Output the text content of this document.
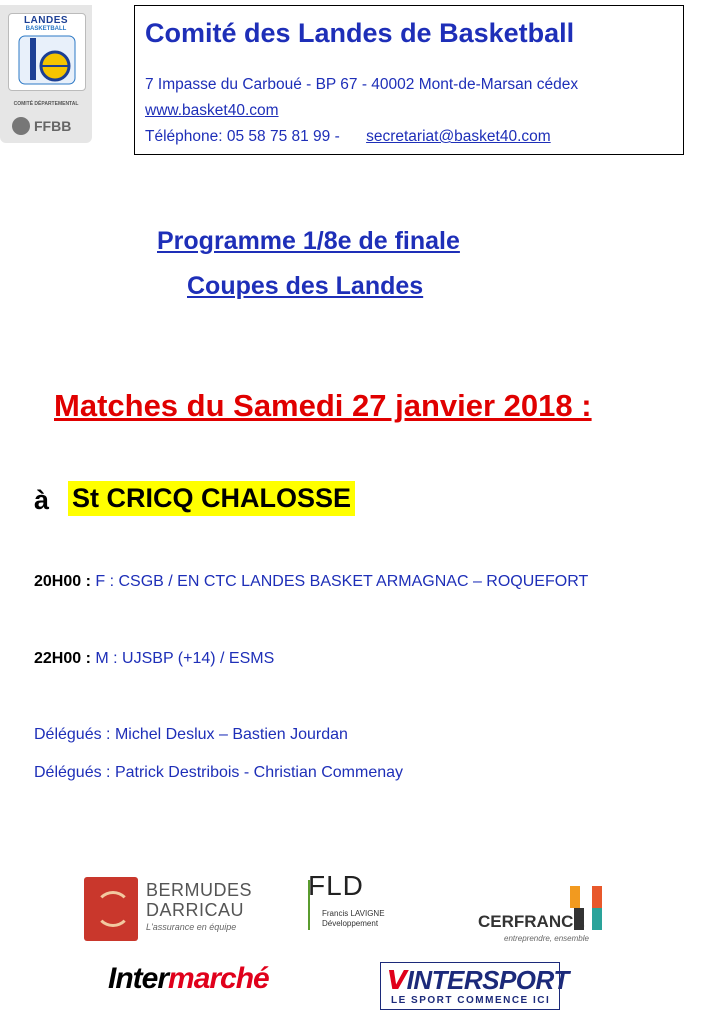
LANDES
BASKETBALL
COMITÉ DÉPARTEMENTAL
FFBB
Comité des Landes de Basketball
7 Impasse du Carboué - BP 67 - 40002 Mont-de-Marsan cédex
www.basket40.com
Téléphone: 05 58 75 81 99 - secretariat@basket40.com
Programme 1/8e de finale
Coupes des Landes
Matches du Samedi 27 janvier 2018 :
à St CRICQ CHALOSSE
20H00 : F : CSGB / EN CTC LANDES BASKET ARMAGNAC – ROQUEFORT
22H00 : M : UJSBP (+14) / ESMS
Délégués : Michel Deslux – Bastien Jourdan
Délégués : Patrick Destribois - Christian Commenay
BERMUDES
DARRICAU
L'assurance en équipe
FLD
Francis LAVIGNE
Développement	CERFRANCE
entreprendre, ensemble
Intermarché	ᐯINTERSPORT
LE SPORT COMMENCE ICI
